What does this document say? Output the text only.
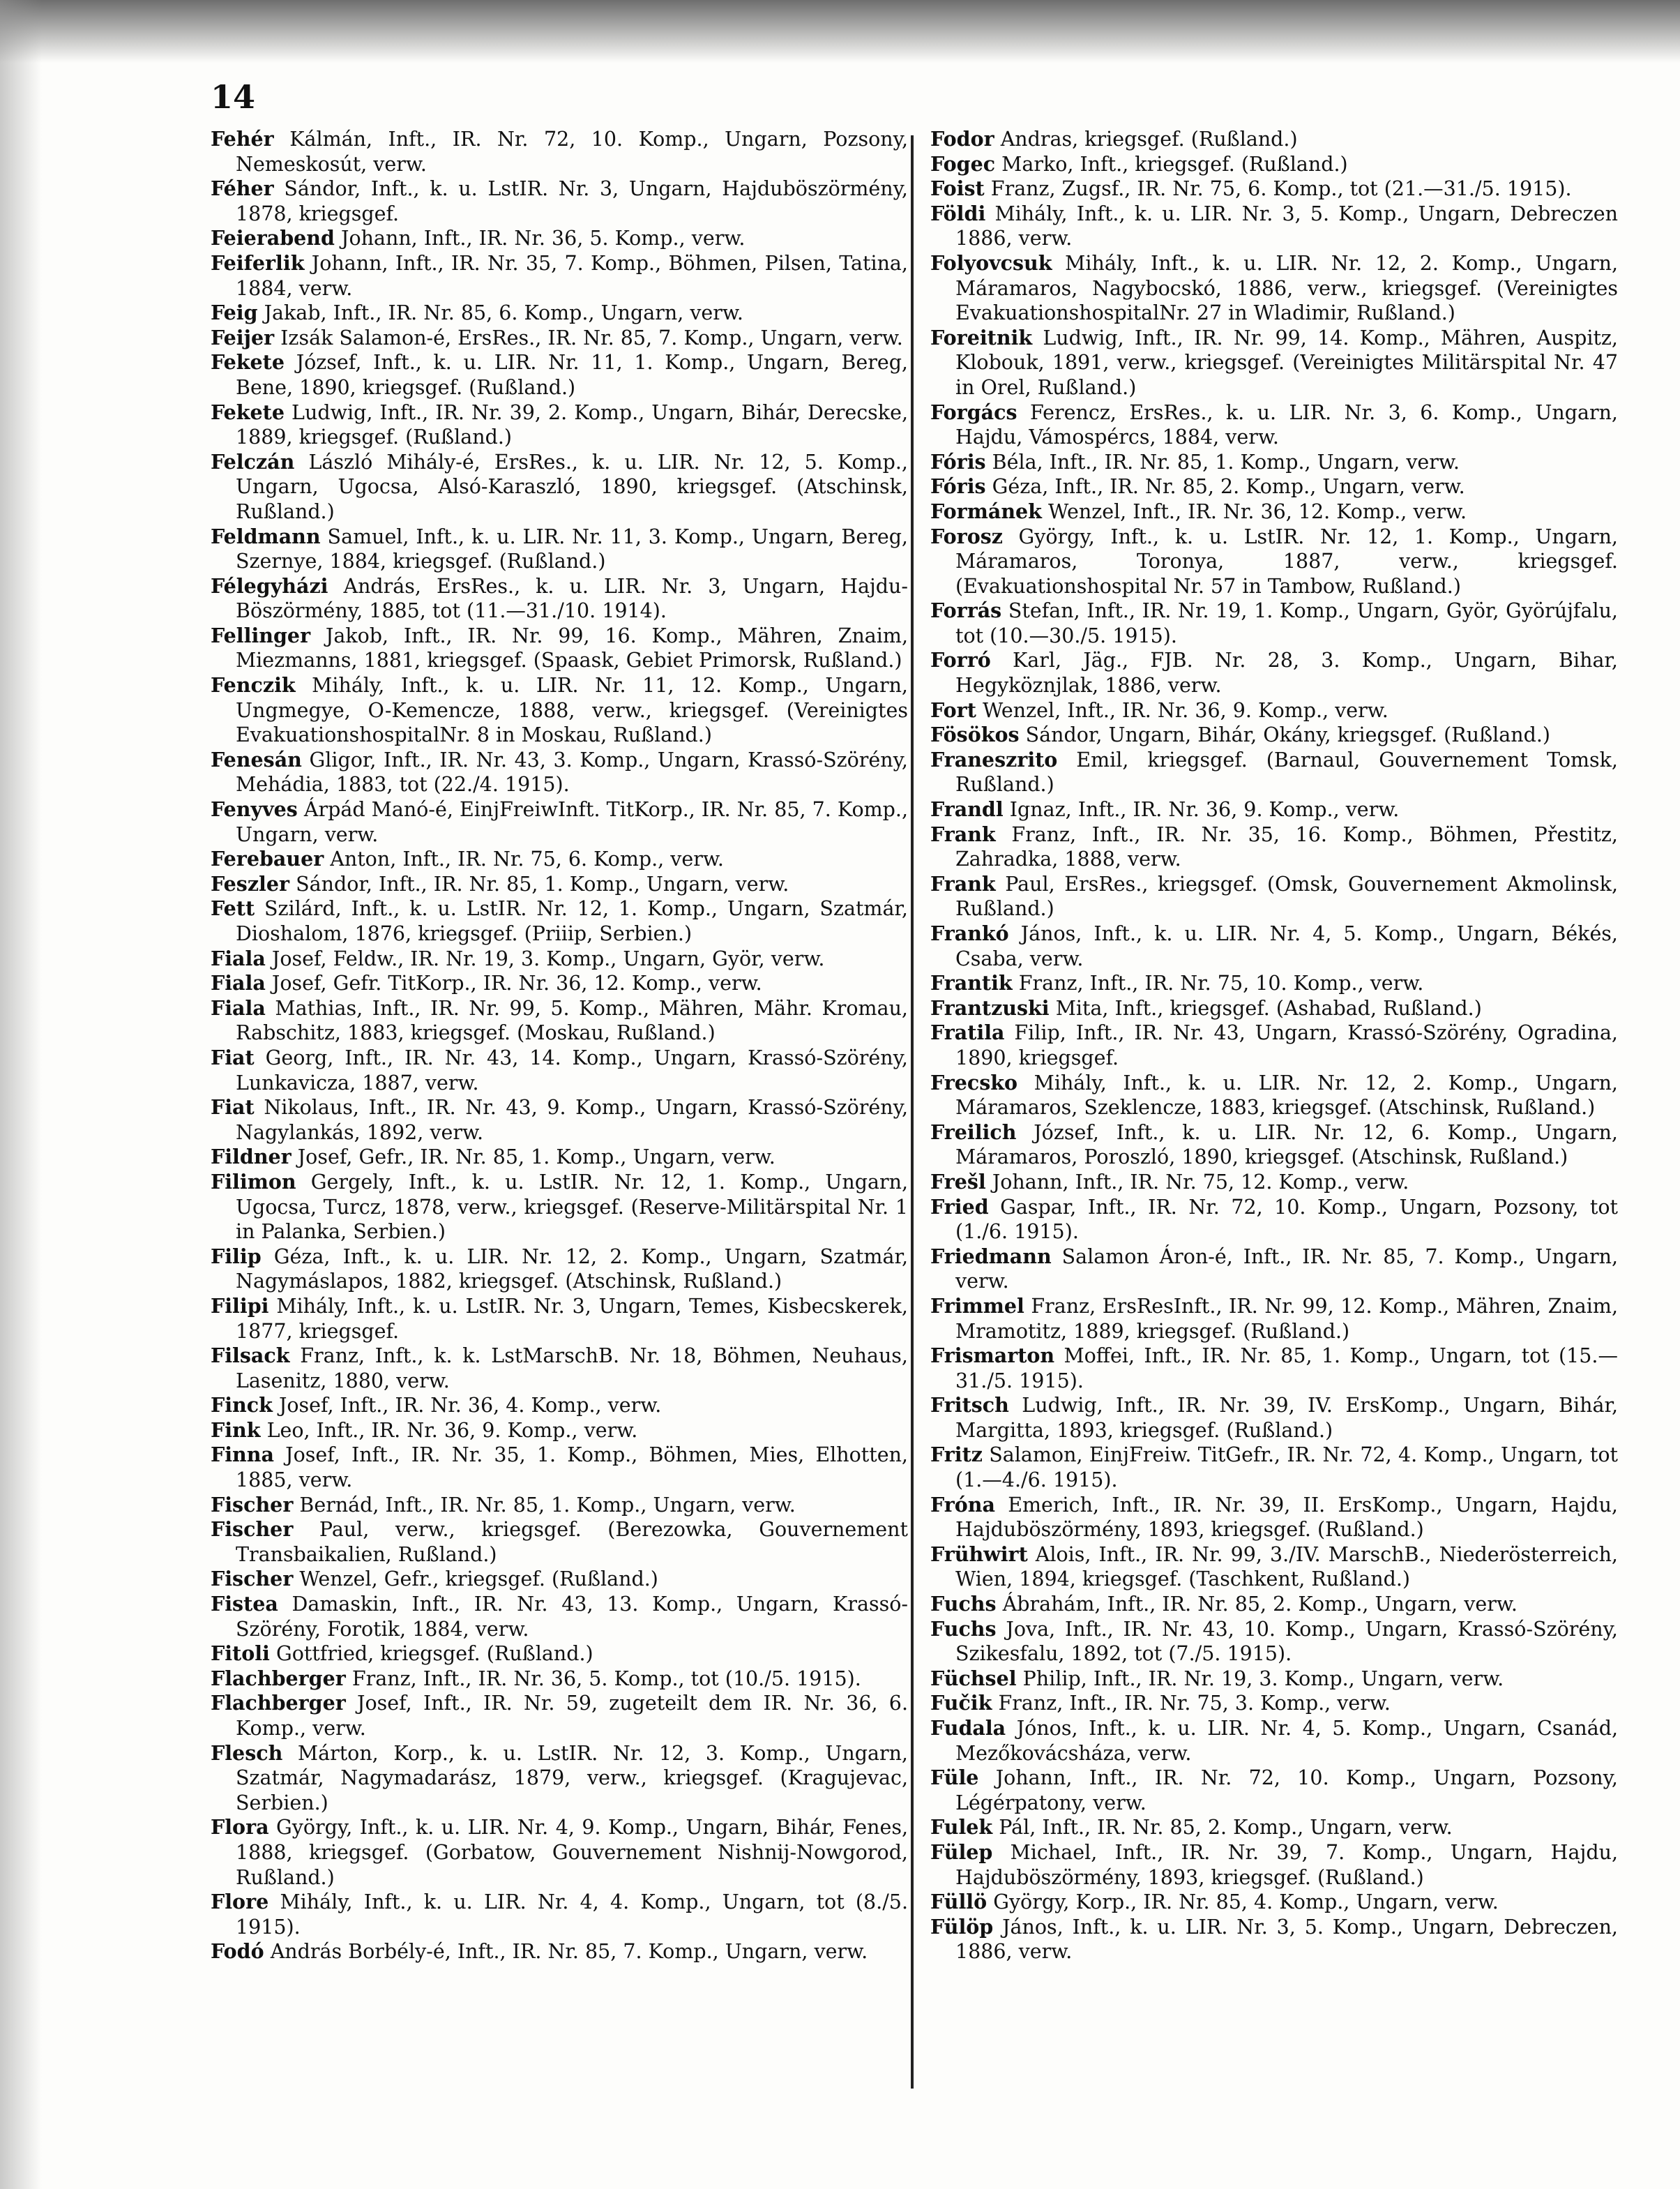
14

Fehér Kálmán, Inft., IR. Nr. 72, 10. Komp., Ungarn, Pozsony, Nemeskosút, verw.

Féher Sándor, Inft., k. u. LstIR. Nr. 3, Ungarn, Hajduböszörmény, 1878, kriegsgef.

Feierabend Johann, Inft., IR. Nr. 36, 5. Komp., verw.

Feiferlik Johann, Inft., IR. Nr. 35, 7. Komp., Böhmen, Pilsen, Tatina, 1884, verw.

Feig Jakab, Inft., IR. Nr. 85, 6. Komp., Ungarn, verw.

Feijer Izsák Salamon-é, ErsRes., IR. Nr. 85, 7. Komp., Ungarn, verw.

Fekete József, Inft., k. u. LIR. Nr. 11, 1. Komp., Ungarn, Bereg, Bene, 1890, kriegsgef. (Rußland.)

Fekete Ludwig, Inft., IR. Nr. 39, 2. Komp., Ungarn, Bihár, Derecske, 1889, kriegsgef. (Rußland.)

Felczán László Mihály-é, ErsRes., k. u. LIR. Nr. 12, 5. Komp., Ungarn, Ugocsa, Alsó-Karaszló, 1890, kriegsgef. (Atschinsk, Rußland.)

Feldmann Samuel, Inft., k. u. LIR. Nr. 11, 3. Komp., Ungarn, Bereg, Szernye, 1884, kriegsgef. (Rußland.)

Félegyházi András, ErsRes., k. u. LIR. Nr. 3, Ungarn, Hajdu-Böszörmény, 1885, tot (11.—31./10. 1914).

Fellinger Jakob, Inft., IR. Nr. 99, 16. Komp., Mähren, Znaim, Miezmanns, 1881, kriegsgef. (Spaask, Gebiet Primorsk, Rußland.)

Fenczik Mihály, Inft., k. u. LIR. Nr. 11, 12. Komp., Ungarn, Ungmegye, O-Kemencze, 1888, verw., kriegsgef. (Vereinigtes EvakuationshospitalNr. 8 in Moskau, Rußland.)

Fenesán Gligor, Inft., IR. Nr. 43, 3. Komp., Ungarn, Krassó-Szörény, Mehádia, 1883, tot (22./4. 1915).

Fenyves Árpád Manó-é, EinjFreiwInft. TitKorp., IR. Nr. 85, 7. Komp., Ungarn, verw.

Ferebauer Anton, Inft., IR. Nr. 75, 6. Komp., verw.

Feszler Sándor, Inft., IR. Nr. 85, 1. Komp., Ungarn, verw.

Fett Szilárd, Inft., k. u. LstIR. Nr. 12, 1. Komp., Ungarn, Szatmár, Dioshalom, 1876, kriegsgef. (Priiip, Serbien.)

Fiala Josef, Feldw., IR. Nr. 19, 3. Komp., Ungarn, Györ, verw.

Fiala Josef, Gefr. TitKorp., IR. Nr. 36, 12. Komp., verw.

Fiala Mathias, Inft., IR. Nr. 99, 5. Komp., Mähren, Mähr. Kromau, Rabschitz, 1883, kriegsgef. (Moskau, Rußland.)

Fiat Georg, Inft., IR. Nr. 43, 14. Komp., Ungarn, Krassó-Szörény, Lunkavicza, 1887, verw.

Fiat Nikolaus, Inft., IR. Nr. 43, 9. Komp., Ungarn, Krassó-Szörény, Nagylankás, 1892, verw.

Fildner Josef, Gefr., IR. Nr. 85, 1. Komp., Ungarn, verw.

Filimon Gergely, Inft., k. u. LstIR. Nr. 12, 1. Komp., Ungarn, Ugocsa, Turcz, 1878, verw., kriegsgef. (Reserve-Militärspital Nr. 1 in Palanka, Serbien.)

Filip Géza, Inft., k. u. LIR. Nr. 12, 2. Komp., Ungarn, Szatmár, Nagymáslapos, 1882, kriegsgef. (Atschinsk, Rußland.)

Filipi Mihály, Inft., k. u. LstIR. Nr. 3, Ungarn, Temes, Kisbecskerek, 1877, kriegsgef.

Filsack Franz, Inft., k. k. LstMarschB. Nr. 18, Böhmen, Neuhaus, Lasenitz, 1880, verw.

Finck Josef, Inft., IR. Nr. 36, 4. Komp., verw.

Fink Leo, Inft., IR. Nr. 36, 9. Komp., verw.

Finna Josef, Inft., IR. Nr. 35, 1. Komp., Böhmen, Mies, Elhotten, 1885, verw.

Fischer Bernád, Inft., IR. Nr. 85, 1. Komp., Ungarn, verw.

Fischer Paul, verw., kriegsgef. (Berezowka, Gouvernement Transbaikalien, Rußland.)

Fischer Wenzel, Gefr., kriegsgef. (Rußland.)

Fistea Damaskin, Inft., IR. Nr. 43, 13. Komp., Ungarn, Krassó-Szörény, Forotik, 1884, verw.

Fitoli Gottfried, kriegsgef. (Rußland.)

Flachberger Franz, Inft., IR. Nr. 36, 5. Komp., tot (10./5. 1915).

Flachberger Josef, Inft., IR. Nr. 59, zugeteilt dem IR. Nr. 36, 6. Komp., verw.

Flesch Márton, Korp., k. u. LstIR. Nr. 12, 3. Komp., Ungarn, Szatmár, Nagymadarász, 1879, verw., kriegsgef. (Kragujevac, Serbien.)

Flora György, Inft., k. u. LIR. Nr. 4, 9. Komp., Ungarn, Bihár, Fenes, 1888, kriegsgef. (Gorbatow, Gouvernement Nishnij-Nowgorod, Rußland.)

Flore Mihály, Inft., k. u. LIR. Nr. 4, 4. Komp., Ungarn, tot (8./5. 1915).

Fodó András Borbély-é, Inft., IR. Nr. 85, 7. Komp., Ungarn, verw.

Fodor Andras, kriegsgef. (Rußland.)

Fogec Marko, Inft., kriegsgef. (Rußland.)

Foist Franz, Zugsf., IR. Nr. 75, 6. Komp., tot (21.—31./5. 1915).

Földi Mihály, Inft., k. u. LIR. Nr. 3, 5. Komp., Ungarn, Debreczen 1886, verw.

Folyovcsuk Mihály, Inft., k. u. LIR. Nr. 12, 2. Komp., Ungarn, Máramaros, Nagybocskó, 1886, verw., kriegsgef. (Vereinigtes EvakuationshospitalNr. 27 in Wladimir, Rußland.)

Foreitnik Ludwig, Inft., IR. Nr. 99, 14. Komp., Mähren, Auspitz, Klobouk, 1891, verw., kriegsgef. (Vereinigtes Militärspital Nr. 47 in Orel, Rußland.)

Forgács Ferencz, ErsRes., k. u. LIR. Nr. 3, 6. Komp., Ungarn, Hajdu, Vámospércs, 1884, verw.

Fóris Béla, Inft., IR. Nr. 85, 1. Komp., Ungarn, verw.

Fóris Géza, Inft., IR. Nr. 85, 2. Komp., Ungarn, verw.

Formánek Wenzel, Inft., IR. Nr. 36, 12. Komp., verw.

Forosz György, Inft., k. u. LstIR. Nr. 12, 1. Komp., Ungarn, Máramaros, Toronya, 1887, verw., kriegsgef. (Evakuationshospital Nr. 57 in Tambow, Rußland.)

Forrás Stefan, Inft., IR. Nr. 19, 1. Komp., Ungarn, Györ, Györújfalu, tot (10.—30./5. 1915).

Forró Karl, Jäg., FJB. Nr. 28, 3. Komp., Ungarn, Bihar, Hegyköznjlak, 1886, verw.

Fort Wenzel, Inft., IR. Nr. 36, 9. Komp., verw.

Fösökos Sándor, Ungarn, Bihár, Okány, kriegsgef. (Rußland.)

Franeszrito Emil, kriegsgef. (Barnaul, Gouvernement Tomsk, Rußland.)

Frandl Ignaz, Inft., IR. Nr. 36, 9. Komp., verw.

Frank Franz, Inft., IR. Nr. 35, 16. Komp., Böhmen, Přestitz, Zahradka, 1888, verw.

Frank Paul, ErsRes., kriegsgef. (Omsk, Gouvernement Akmolinsk, Rußland.)

Frankó János, Inft., k. u. LIR. Nr. 4, 5. Komp., Ungarn, Békés, Csaba, verw.

Frantik Franz, Inft., IR. Nr. 75, 10. Komp., verw.

Frantzuski Mita, Inft., kriegsgef. (Ashabad, Rußland.)

Fratila Filip, Inft., IR. Nr. 43, Ungarn, Krassó-Szörény, Ogradina, 1890, kriegsgef.

Frecsko Mihály, Inft., k. u. LIR. Nr. 12, 2. Komp., Ungarn, Máramaros, Szeklencze, 1883, kriegsgef. (Atschinsk, Rußland.)

Freilich József, Inft., k. u. LIR. Nr. 12, 6. Komp., Ungarn, Máramaros, Poroszló, 1890, kriegsgef. (Atschinsk, Rußland.)

Frešl Johann, Inft., IR. Nr. 75, 12. Komp., verw.

Fried Gaspar, Inft., IR. Nr. 72, 10. Komp., Ungarn, Pozsony, tot (1./6. 1915).

Friedmann Salamon Áron-é, Inft., IR. Nr. 85, 7. Komp., Ungarn, verw.

Frimmel Franz, ErsResInft., IR. Nr. 99, 12. Komp., Mähren, Znaim, Mramotitz, 1889, kriegsgef. (Rußland.)

Frismarton Moffei, Inft., IR. Nr. 85, 1. Komp., Ungarn, tot (15.—31./5. 1915).

Fritsch Ludwig, Inft., IR. Nr. 39, IV. ErsKomp., Ungarn, Bihár, Margitta, 1893, kriegsgef. (Rußland.)

Fritz Salamon, EinjFreiw. TitGefr., IR. Nr. 72, 4. Komp., Ungarn, tot (1.—4./6. 1915).

Fróna Emerich, Inft., IR. Nr. 39, II. ErsKomp., Ungarn, Hajdu, Hajduböszörmény, 1893, kriegsgef. (Rußland.)

Frühwirt Alois, Inft., IR. Nr. 99, 3./IV. MarschB., Niederösterreich, Wien, 1894, kriegsgef. (Taschkent, Rußland.)

Fuchs Ábrahám, Inft., IR. Nr. 85, 2. Komp., Ungarn, verw.

Fuchs Jova, Inft., IR. Nr. 43, 10. Komp., Ungarn, Krassó-Szörény, Szikesfalu, 1892, tot (7./5. 1915).

Füchsel Philip, Inft., IR. Nr. 19, 3. Komp., Ungarn, verw.

Fučik Franz, Inft., IR. Nr. 75, 3. Komp., verw.

Fudala Jónos, Inft., k. u. LIR. Nr. 4, 5. Komp., Ungarn, Csanád, Mezőkovácsháza, verw.

Füle Johann, Inft., IR. Nr. 72, 10. Komp., Ungarn, Pozsony, Légérpatony, verw.

Fulek Pál, Inft., IR. Nr. 85, 2. Komp., Ungarn, verw.

Fülep Michael, Inft., IR. Nr. 39, 7. Komp., Ungarn, Hajdu, Hajduböszörmény, 1893, kriegsgef. (Rußland.)

Füllö György, Korp., IR. Nr. 85, 4. Komp., Ungarn, verw.

Fülöp János, Inft., k. u. LIR. Nr. 3, 5. Komp., Ungarn, Debreczen, 1886, verw.
